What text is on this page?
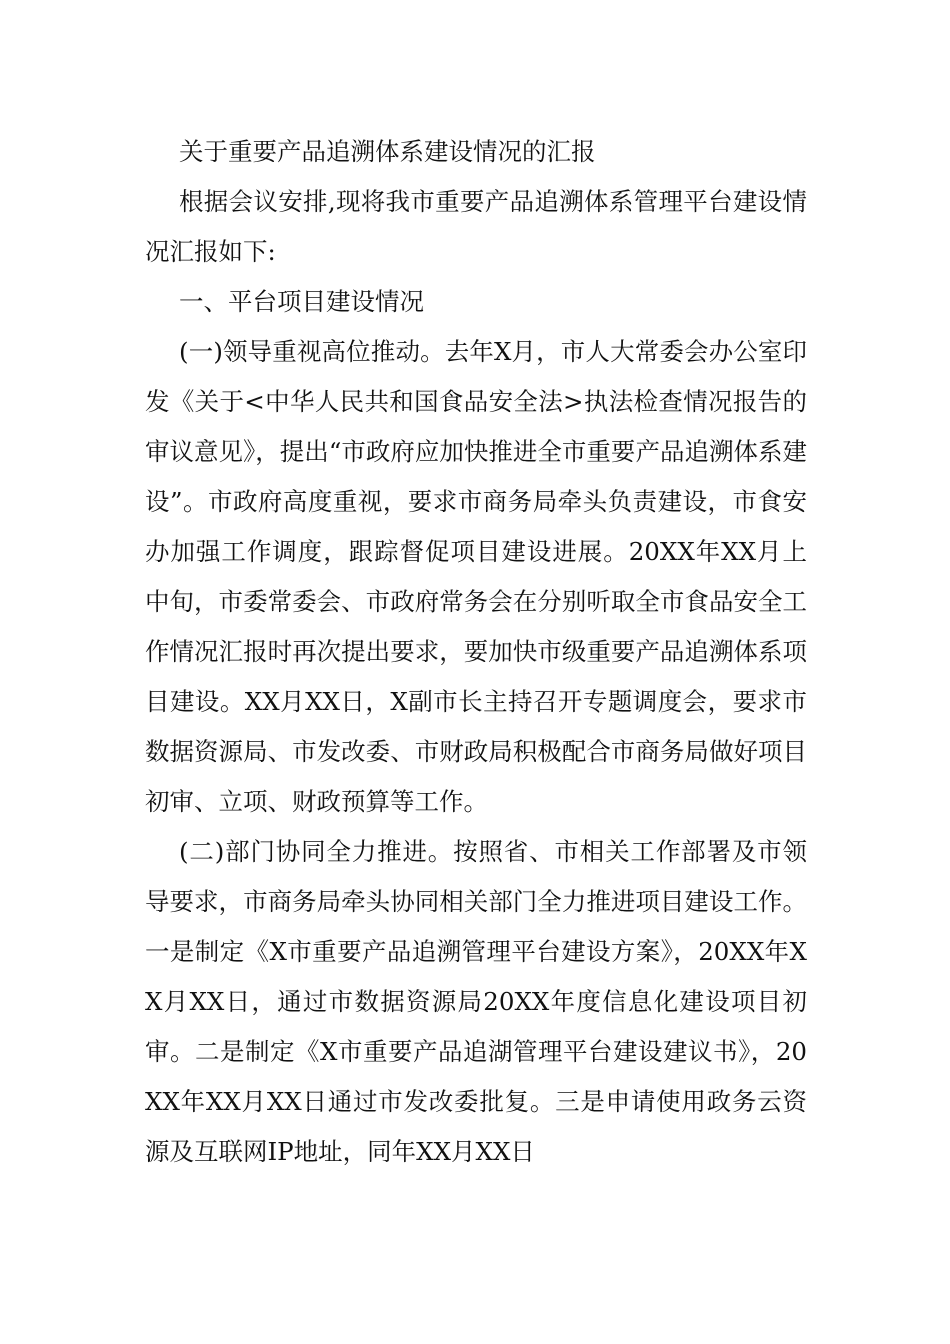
关于重要产品追溯体系建设情况的汇报

根据会议安排,现将我市重要产品追溯体系管理平台建设情况汇报如下:

一、平台项目建设情况

(一)领导重视高位推动。去年X月，市人大常委会办公室印发《关于<中华人民共和国食品安全法>执法检查情况报告的审议意见》，提出“市政府应加快推进全市重要产品追溯体系建设”。市政府高度重视，要求市商务局牵头负责建设，市食安办加强工作调度，跟踪督促项目建设进展。20XX年XX月上中旬，市委常委会、市政府常务会在分别听取全市食品安全工作情况汇报时再次提出要求，要加快市级重要产品追溯体系项目建设。XX月XX日，X副市长主持召开专题调度会，要求市数据资源局、市发改委、市财政局积极配合市商务局做好项目初审、立项、财政预算等工作。

(二)部门协同全力推进。按照省、市相关工作部署及市领导要求，市商务局牵头协同相关部门全力推进项目建设工作。一是制定《X市重要产品追溯管理平台建设方案》，20XX年XX月XX日，通过市数据资源局20XX年度信息化建设项目初审。二是制定《X市重要产品追湖管理平台建设建议书》，20XX年XX月XX日通过市发改委批复。三是申请使用政务云资源及互联网IP地址，同年XX月XX日
